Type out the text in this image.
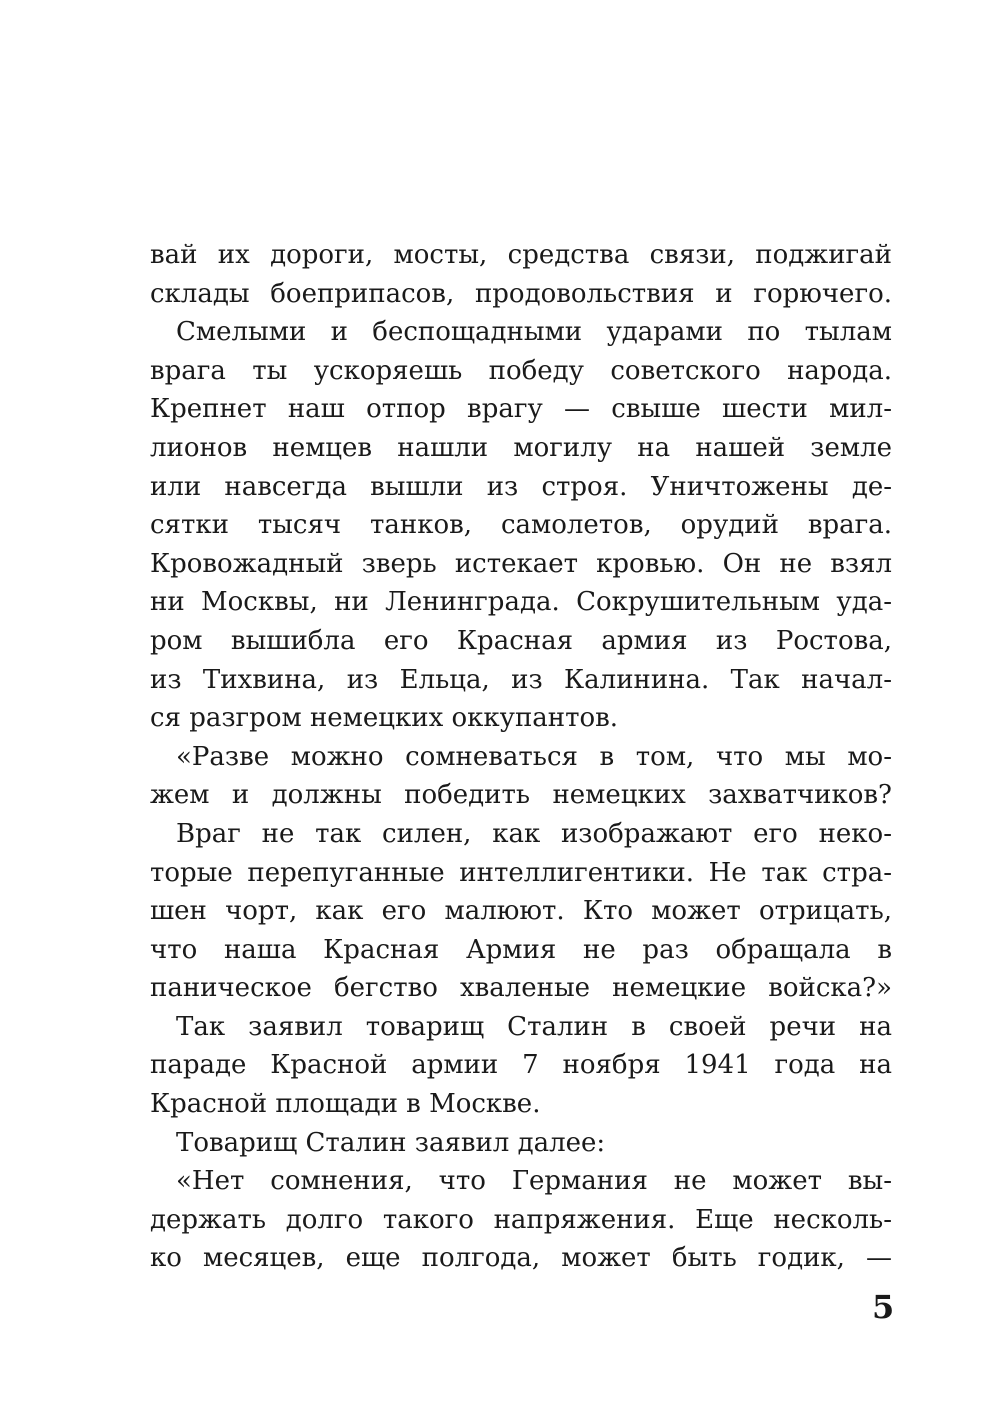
вай их дороги, мосты, средства связи, поджигай
склады боеприпасов, продовольствия и горючего.
Смелыми и беспощадными ударами по тылам
врага ты ускоряешь победу советского народа.
Крепнет наш отпор врагу — свыше шести мил-
лионов немцев нашли могилу на нашей земле
или навсегда вышли из строя. Уничтожены де-
сятки тысяч танков, самолетов, орудий врага.
Кровожадный зверь истекает кровью. Он не взял
ни Москвы, ни Ленинграда. Сокрушительным уда-
ром вышибла его Красная армия из Ростова,
из Тихвина, из Ельца, из Калинина. Так начал-
ся разгром немецких оккупантов.
«Разве можно сомневаться в том, что мы мо-
жем и должны победить немецких захватчиков?
Враг не так силен, как изображают его неко-
торые перепуганные интеллигентики. Не так стра-
шен чорт, как его малюют. Кто может отрицать,
что наша Красная Армия не раз обращала в
паническое бегство хваленые немецкие войска?»
Так заявил товарищ Сталин в своей речи на
параде Красной армии 7 ноября 1941 года на
Красной площади в Москве.
Товарищ Сталин заявил далее:
«Нет сомнения, что Германия не может вы-
держать долго такого напряжения. Еще несколь-
ко месяцев, еще полгода, может быть годик, —
5
